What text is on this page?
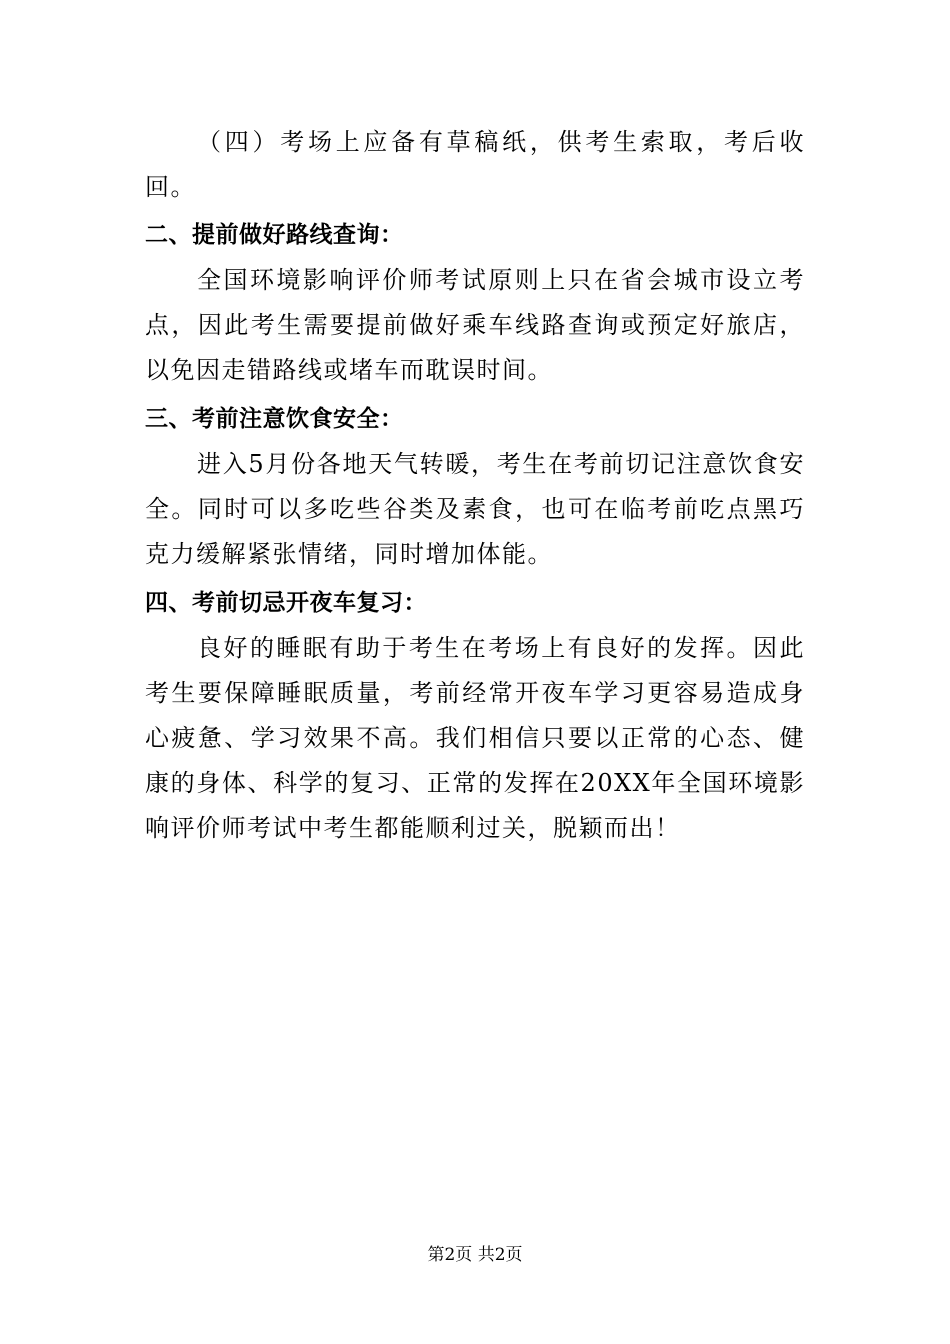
（四）考场上应备有草稿纸，供考生索取，考后收回。

二、提前做好路线查询：

全国环境影响评价师考试原则上只在省会城市设立考点，因此考生需要提前做好乘车线路查询或预定好旅店，以免因走错路线或堵车而耽误时间。

三、考前注意饮食安全：

进入5月份各地天气转暖，考生在考前切记注意饮食安全。同时可以多吃些谷类及素食，也可在临考前吃点黑巧克力缓解紧张情绪，同时增加体能。

四、考前切忌开夜车复习：

良好的睡眠有助于考生在考场上有良好的发挥。因此考生要保障睡眠质量，考前经常开夜车学习更容易造成身心疲惫、学习效果不高。我们相信只要以正常的心态、健康的身体、科学的复习、正常的发挥在20XX年全国环境影响评价师考试中考生都能顺利过关，脱颖而出！

第2页 共2页
